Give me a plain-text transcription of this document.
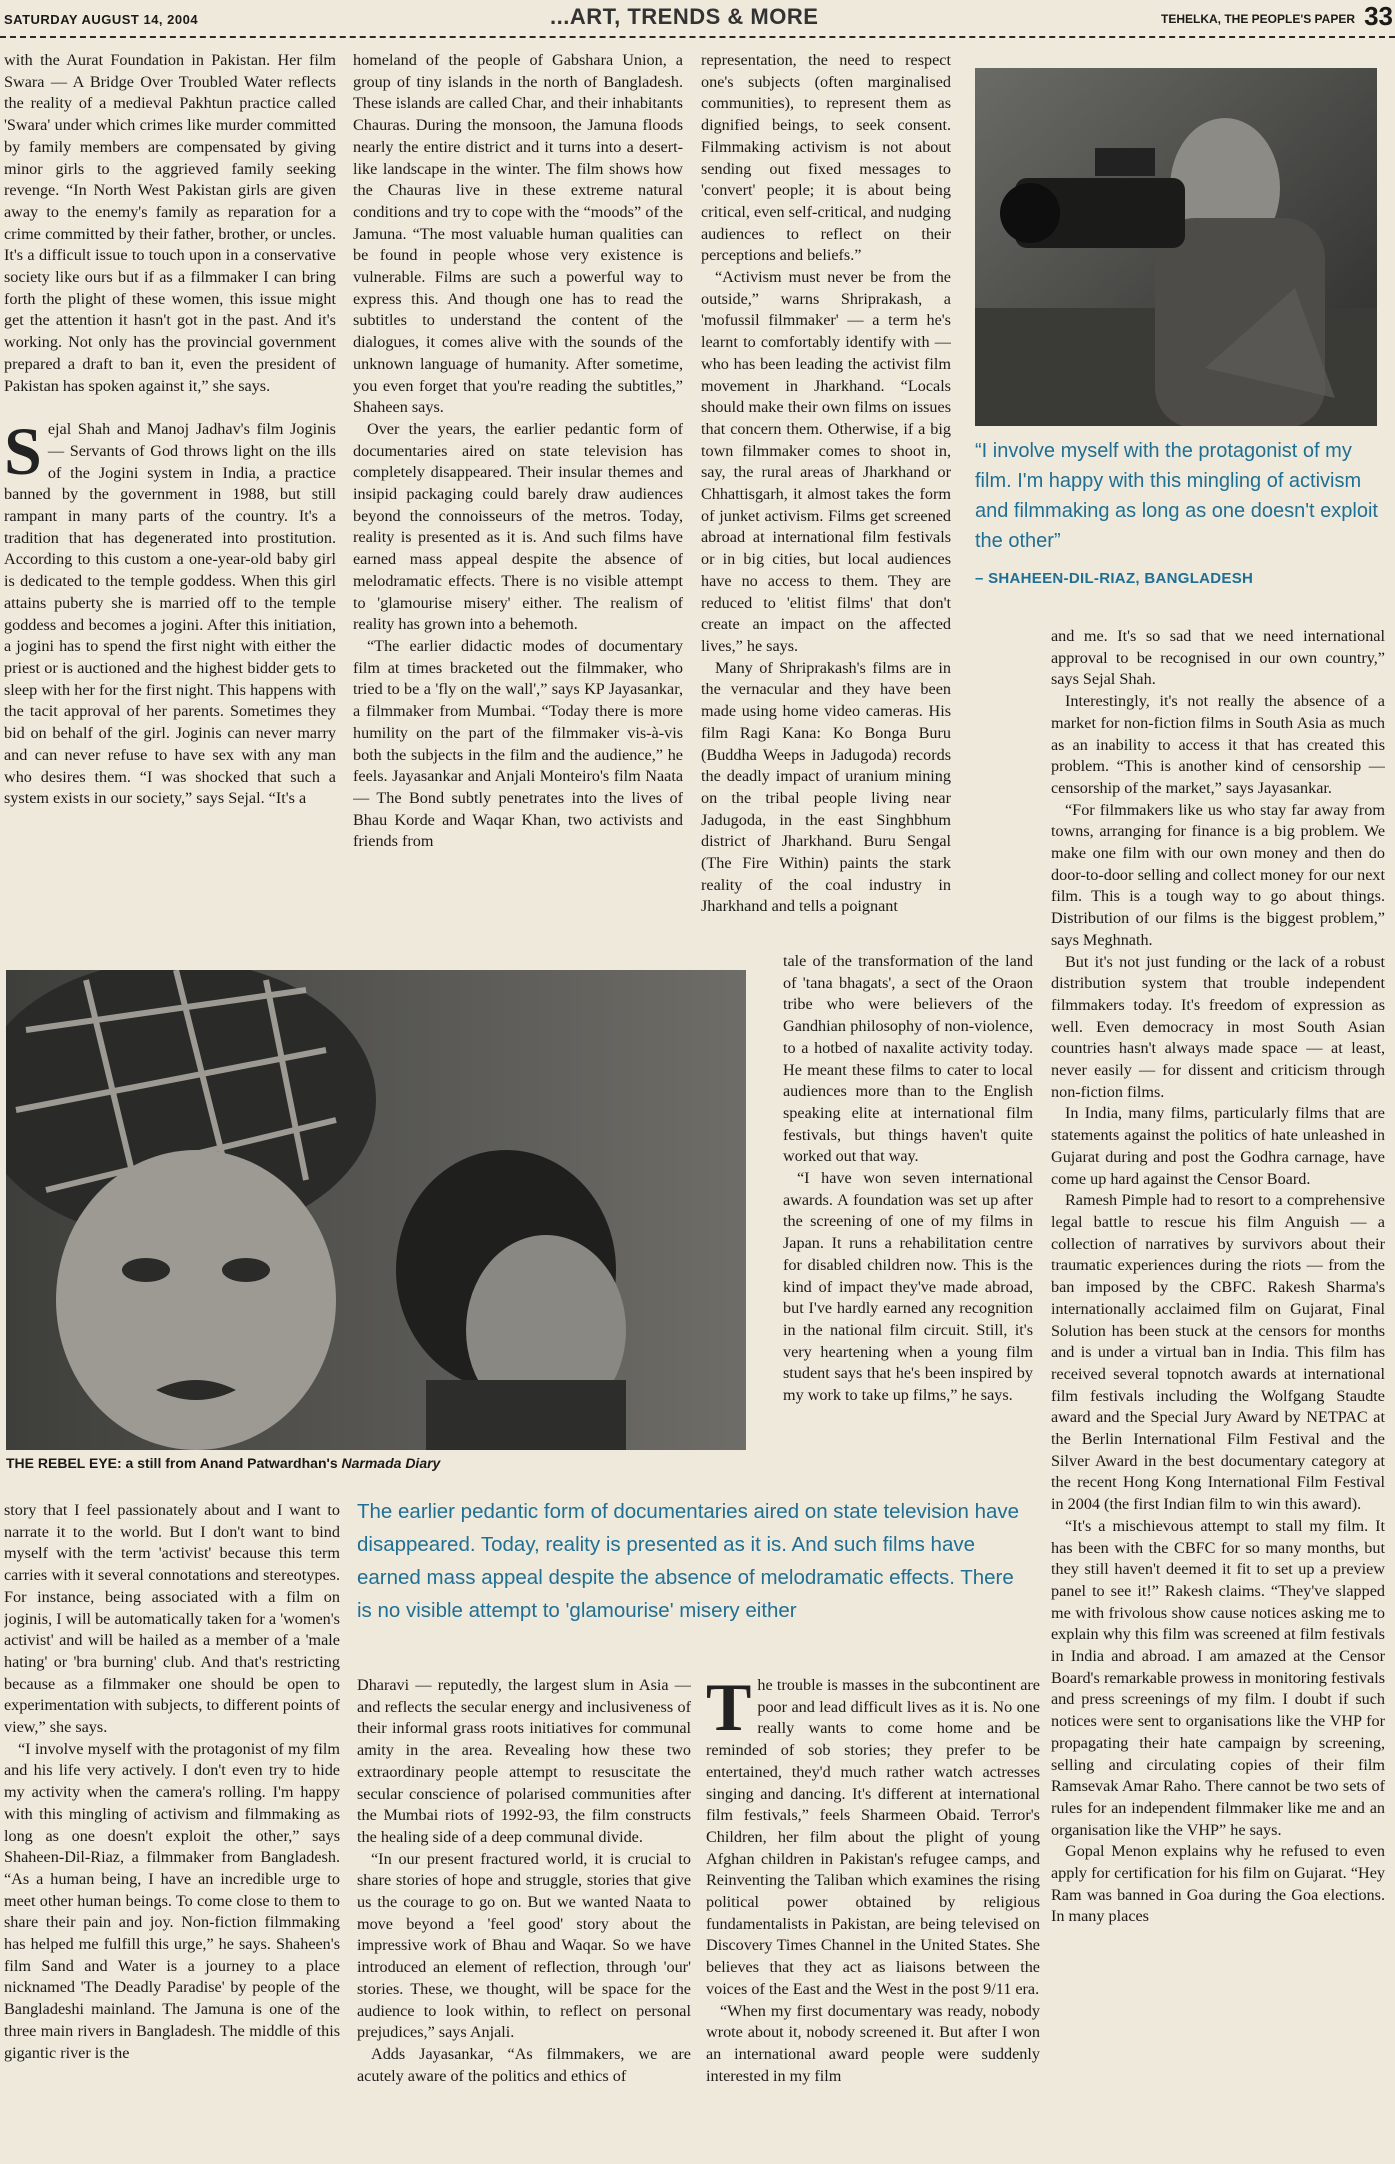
SATURDAY AUGUST 14, 2004	...ART, TRENDS & MORE	TEHELKA, THE PEOPLE'S PAPER 33

with the Aurat Foundation in Pakistan. Her film Swara — A Bridge Over Troubled Water reflects the reality of a medieval Pakhtun practice called 'Swara' under which crimes like murder committed by family members are compensated by giving minor girls to the aggrieved family seeking revenge. “In North West Pakistan girls are given away to the enemy's family as reparation for a crime committed by their father, brother, or uncles. It's a difficult issue to touch upon in a conservative society like ours but if as a filmmaker I can bring forth the plight of these women, this issue might get the attention it hasn't got in the past. And it's working. Not only has the provincial government prepared a draft to ban it, even the president of Pakistan has spoken against it,” she says.

Sejal Shah and Manoj Jadhav's film Joginis — Servants of God throws light on the ills of the Jogini system in India, a practice banned by the government in 1988, but still rampant in many parts of the country. It's a tradition that has degenerated into prostitution. According to this custom a one-year-old baby girl is dedicated to the temple goddess. When this girl attains puberty she is married off to the temple goddess and becomes a jogini. After this initiation, a jogini has to spend the first night with either the priest or is auctioned and the highest bidder gets to sleep with her for the first night. This happens with the tacit approval of her parents. Sometimes they bid on behalf of the girl. Joginis can never marry and can never refuse to have sex with any man who desires them. “I was shocked that such a system exists in our society,” says Sejal. “It's a

homeland of the people of Gabshara Union, a group of tiny islands in the north of Bangladesh. These islands are called Char, and their inhabitants Chauras. During the monsoon, the Jamuna floods nearly the entire district and it turns into a desert-like landscape in the winter. The film shows how the Chauras live in these extreme natural conditions and try to cope with the “moods” of the Jamuna. “The most valuable human qualities can be found in people whose very existence is vulnerable. Films are such a powerful way to express this. And though one has to read the subtitles to understand the content of the dialogues, it comes alive with the sounds of the unknown language of humanity. After sometime, you even forget that you're reading the subtitles,” Shaheen says.

Over the years, the earlier pedantic form of documentaries aired on state television has completely disappeared. Their insular themes and insipid packaging could barely draw audiences beyond the connoisseurs of the metros. Today, reality is presented as it is. And such films have earned mass appeal despite the absence of melodramatic effects. There is no visible attempt to 'glamourise misery' either. The realism of reality has grown into a behemoth.

“The earlier didactic modes of documentary film at times bracketed out the filmmaker, who tried to be a 'fly on the wall',” says KP Jayasankar, a filmmaker from Mumbai. “Today there is more humility on the part of the filmmaker vis-à-vis both the subjects in the film and the audience,” he feels. Jayasankar and Anjali Monteiro's film Naata — The Bond subtly penetrates into the lives of Bhau Korde and Waqar Khan, two activists and friends from

representation, the need to respect one's subjects (often marginalised communities), to represent them as dignified beings, to seek consent. Filmmaking activism is not about sending out fixed messages to 'convert' people; it is about being critical, even self-critical, and nudging audiences to reflect on their perceptions and beliefs.”

“Activism must never be from the outside,” warns Shriprakash, a 'mofussil filmmaker' — a term he's learnt to comfortably identify with — who has been leading the activist film movement in Jharkhand. “Locals should make their own films on issues that concern them. Otherwise, if a big town filmmaker comes to shoot in, say, the rural areas of Jharkhand or Chhattisgarh, it almost takes the form of junket activism. Films get screened abroad at international film festivals or in big cities, but local audiences have no access to them. They are reduced to 'elitist films' that don't create an impact on the affected lives,” he says.

Many of Shriprakash's films are in the vernacular and they have been made using home video cameras. His film Ragi Kana: Ko Bonga Buru (Buddha Weeps in Jadugoda) records the deadly impact of uranium mining on the tribal people living near Jadugoda, in the east Singhbhum district of Jharkhand. Buru Sengal (The Fire Within) paints the stark reality of the coal industry in Jharkhand and tells a poignant

“I involve myself with the protagonist of my film. I'm happy with this mingling of activism and filmmaking as long as one doesn't exploit the other”
– SHAHEEN-DIL-RIAZ, BANGLADESH

and me. It's so sad that we need international approval to be recognised in our own country,” says Sejal Shah.

Interestingly, it's not really the absence of a market for non-fiction films in South Asia as much as an inability to access it that has created this problem. “This is another kind of censorship — censorship of the market,” says Jayasankar.

“For filmmakers like us who stay far away from towns, arranging for finance is a big problem. We make one film with our own money and then do door-to-door selling and collect money for our next film. This is a tough way to go about things. Distribution of our films is the biggest problem,” says Meghnath.

But it's not just funding or the lack of a robust distribution system that trouble independent filmmakers today. It's freedom of expression as well. Even democracy in most South Asian countries hasn't always made space — at least, never easily — for dissent and criticism through non-fiction films.

In India, many films, particularly films that are statements against the politics of hate unleashed in Gujarat during and post the Godhra carnage, have come up hard against the Censor Board.

Ramesh Pimple had to resort to a comprehensive legal battle to rescue his film Anguish — a collection of narratives by survivors about their traumatic experiences during the riots — from the ban imposed by the CBFC. Rakesh Sharma's internationally acclaimed film on Gujarat, Final Solution has been stuck at the censors for months and is under a virtual ban in India. This film has received several topnotch awards at international film festivals including the Wolfgang Staudte award and the Special Jury Award by NETPAC at the Berlin International Film Festival and the Silver Award in the best documentary category at the recent Hong Kong International Film Festival in 2004 (the first Indian film to win this award).

“It's a mischievous attempt to stall my film. It has been with the CBFC for so many months, but they still haven't deemed it fit to set up a preview panel to see it!” Rakesh claims. “They've slapped me with frivolous show cause notices asking me to explain why this film was screened at film festivals in India and abroad. I am amazed at the Censor Board's remarkable prowess in monitoring festivals and press screenings of my film. I doubt if such notices were sent to organisations like the VHP for propagating their hate campaign by screening, selling and circulating copies of their film Ramsevak Amar Raho. There cannot be two sets of rules for an independent filmmaker like me and an organisation like the VHP” he says.

Gopal Menon explains why he refused to even apply for certification for his film on Gujarat. “Hey Ram was banned in Goa during the Goa elections. In many places

THE REBEL EYE: a still from Anand Patwardhan's Narmada Diary

tale of the transformation of the land of 'tana bhagats', a sect of the Oraon tribe who were believers of the Gandhian philosophy of non-violence, to a hotbed of naxalite activity today. He meant these films to cater to local audiences more than to the English speaking elite at international film festivals, but things haven't quite worked out that way.

“I have won seven international awards. A foundation was set up after the screening of one of my films in Japan. It runs a rehabilitation centre for disabled children now. This is the kind of impact they've made abroad, but I've hardly earned any recognition in the national film circuit. Still, it's very heartening when a young film student says that he's been inspired by my work to take up films,” he says.

The earlier pedantic form of documentaries aired on state television have disappeared. Today, reality is presented as it is. And such films have earned mass appeal despite the absence of melodramatic effects. There is no visible attempt to 'glamourise' misery either

story that I feel passionately about and I want to narrate it to the world. But I don't want to bind myself with the term 'activist' because this term carries with it several connotations and stereotypes. For instance, being associated with a film on joginis, I will be automatically taken for a 'women's activist' and will be hailed as a member of a 'male hating' or 'bra burning' club. And that's restricting because as a filmmaker one should be open to experimentation with subjects, to different points of view,” she says.

“I involve myself with the protagonist of my film and his life very actively. I don't even try to hide my activity when the camera's rolling. I'm happy with this mingling of activism and filmmaking as long as one doesn't exploit the other,” says Shaheen-Dil-Riaz, a filmmaker from Bangladesh. “As a human being, I have an incredible urge to meet other human beings. To come close to them to share their pain and joy. Non-fiction filmmaking has helped me fulfill this urge,” he says. Shaheen's film Sand and Water is a journey to a place nicknamed 'The Deadly Paradise' by people of the Bangladeshi mainland. The Jamuna is one of the three main rivers in Bangladesh. The middle of this gigantic river is the

Dharavi — reputedly, the largest slum in Asia — and reflects the secular energy and inclusiveness of their informal grass roots initiatives for communal amity in the area. Revealing how these two extraordinary people attempt to resuscitate the secular conscience of polarised communities after the Mumbai riots of 1992-93, the film constructs the healing side of a deep communal divide.

“In our present fractured world, it is crucial to share stories of hope and struggle, stories that give us the courage to go on. But we wanted Naata to move beyond a 'feel good' story about the impressive work of Bhau and Waqar. So we have introduced an element of reflection, through 'our' stories. These, we thought, will be space for the audience to look within, to reflect on personal prejudices,” says Anjali.

Adds Jayasankar, “As filmmakers, we are acutely aware of the politics and ethics of

The trouble is masses in the subcontinent are poor and lead difficult lives as it is. No one really wants to come home and be reminded of sob stories; they prefer to be entertained, they'd much rather watch actresses singing and dancing. It's different at international film festivals,” feels Sharmeen Obaid. Terror's Children, her film about the plight of young Afghan children in Pakistan's refugee camps, and Reinventing the Taliban which examines the rising political power obtained by religious fundamentalists in Pakistan, are being televised on Discovery Times Channel in the United States. She believes that they act as liaisons between the voices of the East and the West in the post 9/11 era.

“When my first documentary was ready, nobody wrote about it, nobody screened it. But after I won an international award people were suddenly interested in my film
